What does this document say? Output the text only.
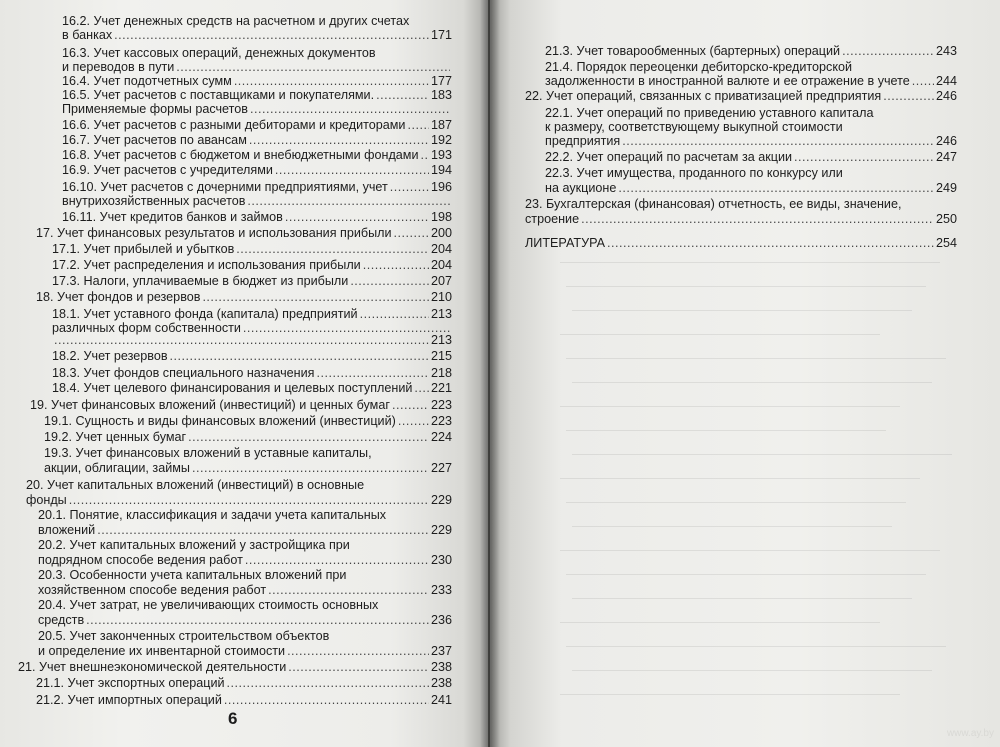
16.2. Учет денежных средств на расчетном и других счетах
в банках . . .	171
16.3. Учет кассовых операций, денежных документов
и переводов в пути
. . .
16.4. Учет подотчетных сумм . . .	177
16.5. Учет расчетов с поставщиками и покупателями. . . .	183
Применяемые формы расчетов
. . .
16.6. Учет расчетов с разными дебиторами и кредиторами . . . 187
16.7. Учет расчетов по авансам . . .	192
16.8. Учет расчетов с бюджетом и внебюджетными фондами . . . 193
16.9. Учет расчетов с учредителями . . .	194
16.10. Учет расчетов с дочерними предприятиями, учет . . .	196
внутрихозяйственных расчетов
. . .
16.11. Учет кредитов банков и займов . . .	198
17. Учет финансовых результатов и использования прибыли . . .	200
17.1. Учет прибылей и убытков . . .	204
17.2. Учет распределения и использования прибыли . . .	204
17.3. Налоги, уплачиваемые в бюджет из прибыли . . .	207
18. Учет фондов и резервов . . .	210
18.1. Учет уставного фонда (капитала) предприятий . . .	213
различных форм собственности
. . .
. . .
213
18.2. Учет резервов . . .	215
18.3. Учет фондов специального назначения . . .	218
18.4. Учет целевого финансирования и целевых поступлений . . . 221
19. Учет финансовых вложений (инвестиций) и ценных бумаг . . .	223
19.1. Сущность и виды финансовых вложений (инвестиций) . . .	223
19.2. Учет ценных бумаг . . .	224
19.3. Учет финансовых вложений в уставные капиталы,
акции, облигации, займы . . .	227
20. Учет капитальных вложений (инвестиций) в основные
фонды . . .	229
20.1. Понятие, классификация и задачи учета капитальных
вложений . . .	229
20.2. Учет капитальных вложений у застройщика при
подрядном способе ведения работ . . .	230
20.3. Особенности учета капитальных вложений при
хозяйственном способе ведения работ . . .	233
20.4. Учет затрат, не увеличивающих стоимость основных
средств . . .	236
20.5. Учет законченных строительством объектов
и определение их инвентарной стоимости . . .	237
21. Учет внешнеэкономической деятельности . . .	238
21.1. Учет экспортных операций . . .	238
21.2. Учет импортных операций . . .	241
21.3. Учет товарообменных (бартерных) операций . . .	243
21.4. Порядок переоценки дебиторско-кредиторской
задолженности в иностранной валюте и ее отражение в учете . . . 244
22. Учет операций, связанных с приватизацией предприятия . . .	246
22.1. Учет операций по приведению уставного капитала
к размеру, соответствующему выкупной стоимости
предприятия . . .	246
22.2. Учет операций по расчетам за акции . . .	247
22.3. Учет имущества, проданного по конкурсу или
на аукционе . . .	249
23. Бухгалтерская (финансовая) отчетность, ее виды, значение,
строение . . .	250
ЛИТЕРАТУРА . . .	254
6
www.ay.by
